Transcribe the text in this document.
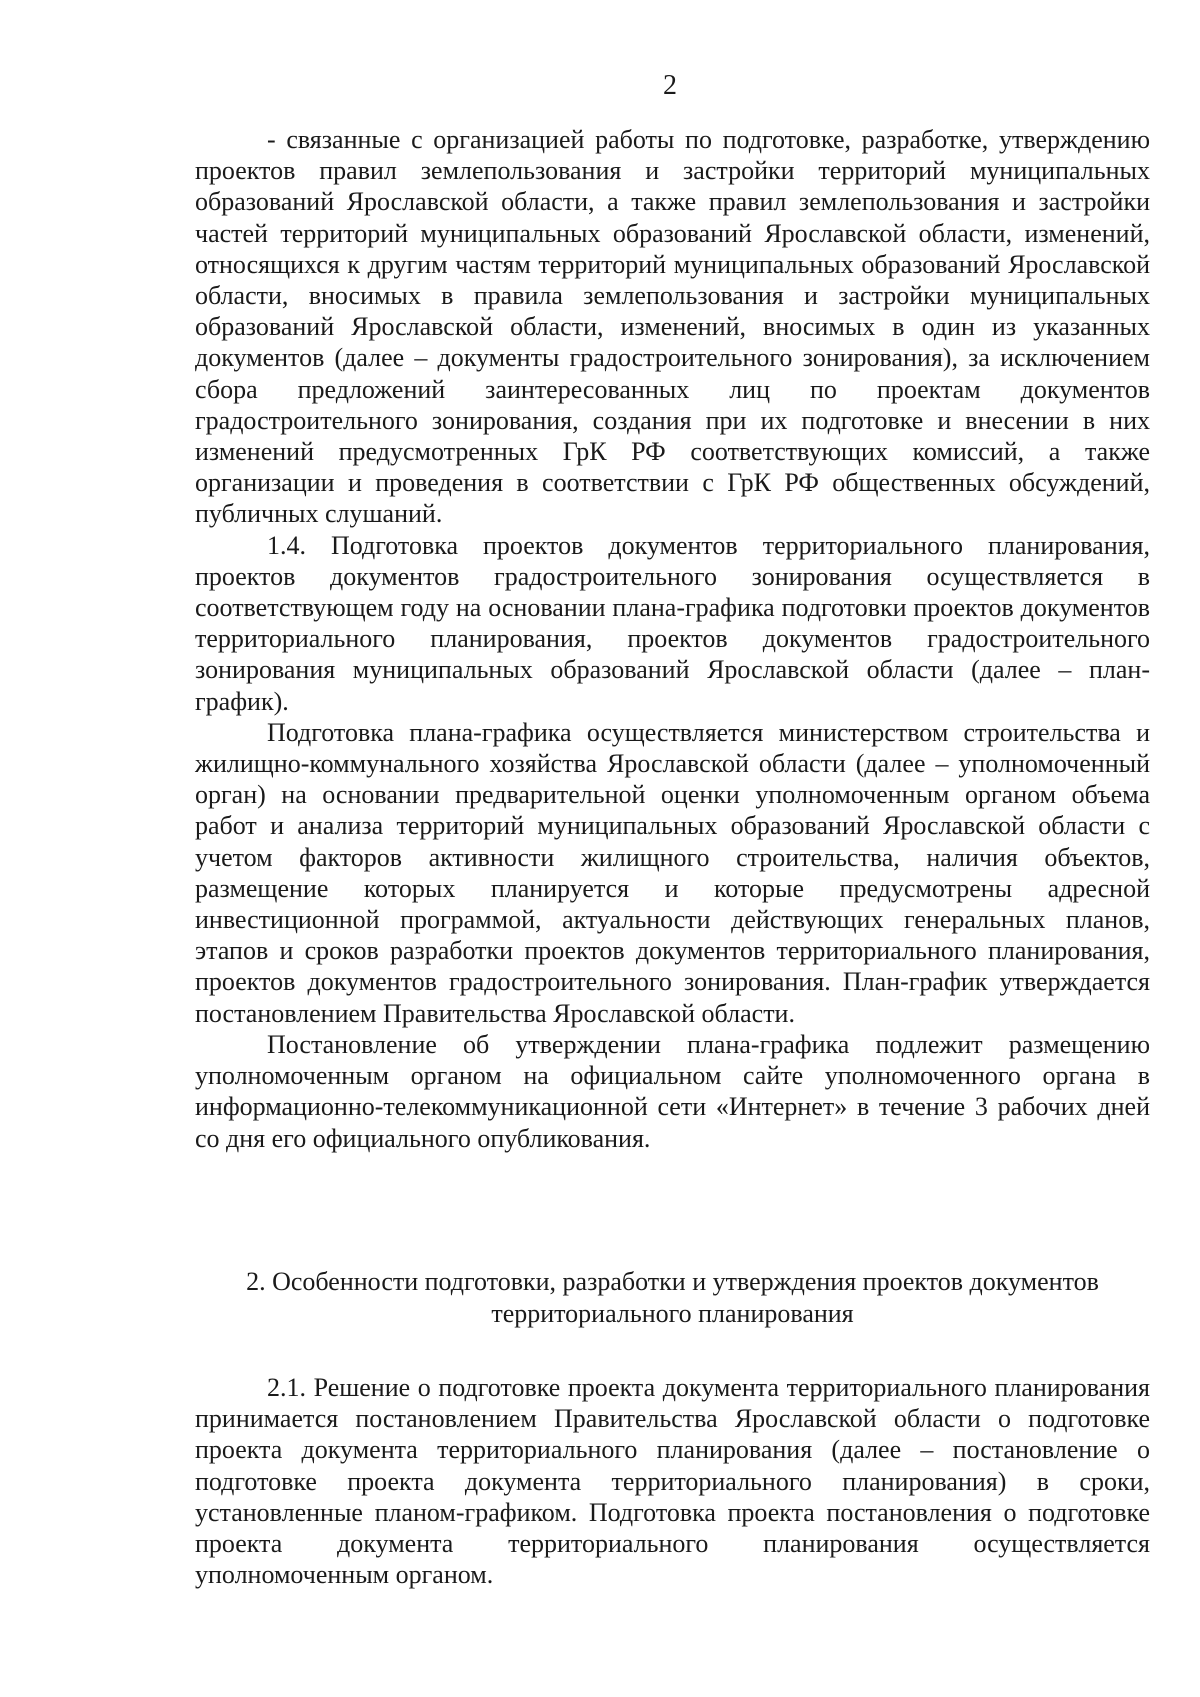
2

- связанные с организацией работы по подготовке, разработке, утверждению проектов правил землепользования и застройки территорий муниципальных образований Ярославской области, а также правил землепользования и застройки частей территорий муниципальных образований Ярославской области, изменений, относящихся к другим частям территорий муниципальных образований Ярославской области, вносимых в правила землепользования и застройки муниципальных образований Ярославской области, изменений, вносимых в один из указанных документов (далее – документы градостроительного зонирования), за исключением сбора предложений заинтересованных лиц по проектам документов градостроительного зонирования, создания при их подготовке и внесении в них изменений предусмотренных ГрК РФ соответствующих комиссий, а также организации и проведения в соответствии с ГрК РФ общественных обсуждений, публичных слушаний.

1.4. Подготовка проектов документов территориального планирования, проектов документов градостроительного зонирования осуществляется в соответствующем году на основании плана-графика подготовки проектов документов территориального планирования, проектов документов градостроительного зонирования муниципальных образований Ярославской области (далее – план-график).

Подготовка плана-графика осуществляется министерством строительства и жилищно-коммунального хозяйства Ярославской области (далее – уполномоченный орган) на основании предварительной оценки уполномоченным органом объема работ и анализа территорий муниципальных образований Ярославской области с учетом факторов активности жилищного строительства, наличия объектов, размещение которых планируется и которые предусмотрены адресной инвестиционной программой, актуальности действующих генеральных планов, этапов и сроков разработки проектов документов территориального планирования, проектов документов градостроительного зонирования. План-график утверждается постановлением Правительства Ярославской области.

Постановление об утверждении плана-графика подлежит размещению уполномоченным органом на официальном сайте уполномоченного органа в информационно-телекоммуникационной сети «Интернет» в течение 3 рабочих дней со дня его официального опубликования.

2. Особенности подготовки, разработки и утверждения проектов документов территориального планирования

2.1. Решение о подготовке проекта документа территориального планирования принимается постановлением Правительства Ярославской области о подготовке проекта документа территориального планирования (далее – постановление о подготовке проекта документа территориального планирования) в сроки, установленные планом-графиком. Подготовка проекта постановления о подготовке проекта документа территориального планирования осуществляется уполномоченным органом.
